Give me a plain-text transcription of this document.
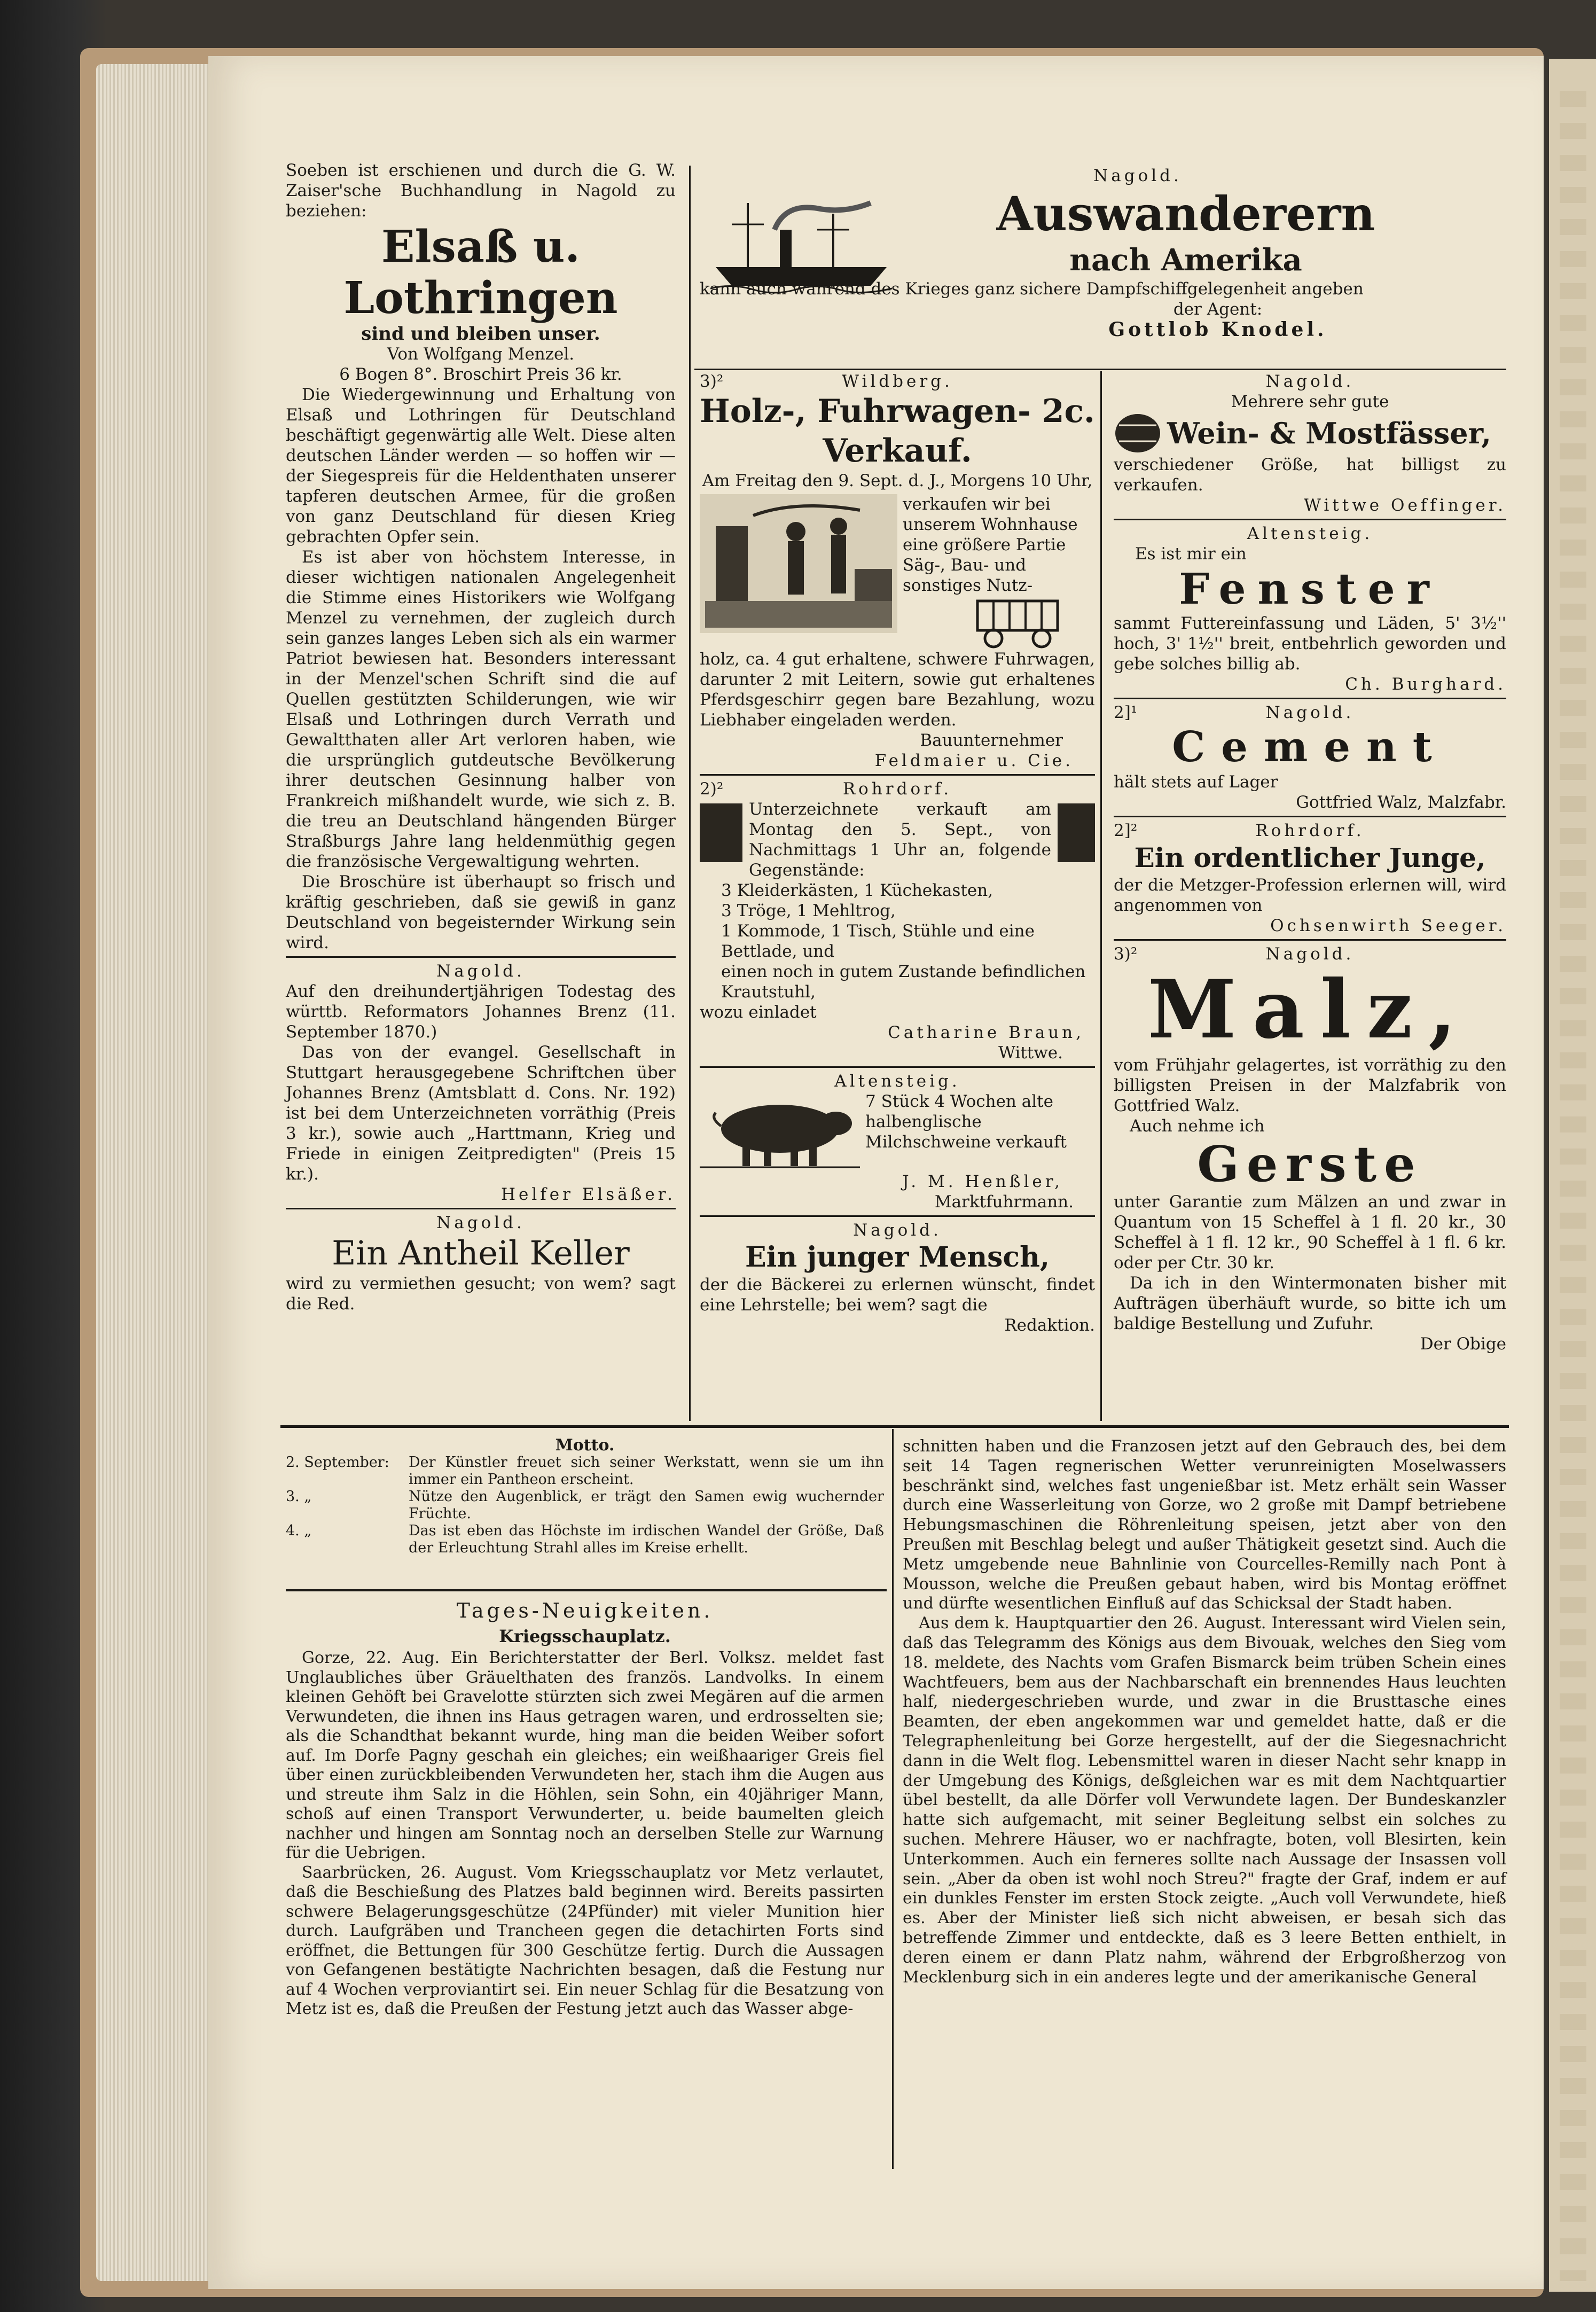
Soeben ist erschienen und durch die G. W. Zaiser'sche Buchhandlung in Nagold zu beziehen:

Elsaß u. Lothringen
sind und bleiben unser.
Von Wolfgang Menzel.
6 Bogen 8°. Broschirt Preis 36 kr.

Die Wiedergewinnung und Erhaltung von Elsaß und Lothringen für Deutschland beschäftigt gegenwärtig alle Welt. Diese alten deutschen Länder werden — so hoffen wir — der Siegespreis für die Heldenthaten unserer tapferen deutschen Armee, für die großen von ganz Deutschland für diesen Krieg gebrachten Opfer sein.

Es ist aber von höchstem Interesse, in dieser wichtigen nationalen Angelegenheit die Stimme eines Historikers wie Wolfgang Menzel zu vernehmen, der zugleich durch sein ganzes langes Leben sich als ein warmer Patriot bewiesen hat. Besonders interessant in der Menzel'schen Schrift sind die auf Quellen gestützten Schilderungen, wie wir Elsaß und Lothringen durch Verrath und Gewaltthaten aller Art verloren haben, wie die ursprünglich gutdeutsche Bevölkerung ihrer deutschen Gesinnung halber von Frankreich mißhandelt wurde, wie sich z. B. die treu an Deutschland hängenden Bürger Straßburgs Jahre lang heldenmüthig gegen die französische Vergewaltigung wehrten.

Die Broschüre ist überhaupt so frisch und kräftig geschrieben, daß sie gewiß in ganz Deutschland von begeisternder Wirkung sein wird.

Nagold.

Auf den dreihundertjährigen Todestag des württb. Reformators Johannes Brenz (11. September 1870.)

Das von der evangel. Gesellschaft in Stuttgart herausgegebene Schriftchen über Johannes Brenz (Amtsblatt d. Cons. Nr. 192) ist bei dem Unterzeichneten vorräthig (Preis 3 kr.), sowie auch „Harttmann, Krieg und Friede in einigen Zeitpredigten" (Preis 15 kr.).

Helfer Elsäßer.
Nagold.
Ein Antheil Keller

wird zu vermiethen gesucht; von wem? sagt die Red.

Nagold.
Auswanderern
nach Amerika
kann auch während des Krieges ganz sichere Dampfschiffgelegenheit angeben
der Agent:
Gottlob Knodel.
3)²	Wildberg.
Holz-, Fuhrwagen- 2c.
Verkauf.
Am Freitag den 9. Sept. d. J., Morgens 10 Uhr,

verkaufen wir bei unserem Wohnhause eine größere Partie Säg-, Bau- und sonstiges Nutz-

holz, ca. 4 gut erhaltene, schwere Fuhrwagen, darunter 2 mit Leitern, sowie gut erhaltenes Pferdsgeschirr gegen bare Bezahlung, wozu Liebhaber eingeladen werden.

Bauunternehmer
Feldmaier u. Cie.
2)²	Rohrdorf.

Unterzeichnete verkauft am Montag den 5. Sept., von Nachmittags 1 Uhr an, folgende Gegenstände:

3 Kleiderkästen, 1 Küchekasten,
3 Tröge, 1 Mehltrog,
1 Kommode, 1 Tisch, Stühle und eine Bettlade, und
einen noch in gutem Zustande befindlichen Krautstuhl,
wozu einladet
Catharine Braun,
Wittwe.
Altensteig.

7 Stück 4 Wochen alte halbenglische Milchschweine verkauft

J. M. Henßler,
Marktfuhrmann.
Nagold.
Ein junger Mensch,

der die Bäckerei zu erlernen wünscht, findet eine Lehrstelle; bei wem? sagt die

Redaktion.
Nagold.
Mehrere sehr gute
Wein- & Mostfässer,

verschiedener Größe, hat billigst zu verkaufen.

Wittwe Oeffinger.
Altensteig.
Es ist mir ein
Fenster

sammt Futtereinfassung und Läden, 5' 3½'' hoch, 3' 1½'' breit, entbehrlich geworden und gebe solches billig ab.

Ch. Burghard.
2]¹	Nagold.
Cement
hält stets auf Lager
Gottfried Walz, Malzfabr.
2]²	Rohrdorf.
Ein ordentlicher Junge,

der die Metzger-Profession erlernen will, wird angenommen von

Ochsenwirth Seeger.
3)²	Nagold.
Malz,

vom Frühjahr gelagertes, ist vorräthig zu den billigsten Preisen in der Malzfabrik von Gottfried Walz.

Auch nehme ich
Gerste

unter Garantie zum Mälzen an und zwar in Quantum von 15 Scheffel à 1 fl. 20 kr., 30 Scheffel à 1 fl. 12 kr., 90 Scheffel à 1 fl. 6 kr. oder per Ctr. 30 kr.

Da ich in den Wintermonaten bisher mit Aufträgen überhäuft wurde, so bitte ich um baldige Bestellung und Zufuhr.

Der Obige
Motto.
2. September:	Der Künstler freuet sich seiner Werkstatt, wenn sie um ihn immer ein Pantheon erscheint.
3. „	Nütze den Augenblick, er trägt den Samen ewig wuchernder Früchte.
4. „	Das ist eben das Höchste im irdischen Wandel der Größe, Daß der Erleuchtung Strahl alles im Kreise erhellt.
Tages-Neuigkeiten.
Kriegsschauplatz.

Gorze, 22. Aug. Ein Berichterstatter der Berl. Volksz. meldet fast Unglaubliches über Gräuelthaten des französ. Landvolks. In einem kleinen Gehöft bei Gravelotte stürzten sich zwei Megären auf die armen Verwundeten, die ihnen ins Haus getragen waren, und erdrosselten sie; als die Schandthat bekannt wurde, hing man die beiden Weiber sofort auf. Im Dorfe Pagny geschah ein gleiches; ein weißhaariger Greis fiel über einen zurückbleibenden Verwundeten her, stach ihm die Augen aus und streute ihm Salz in die Höhlen, sein Sohn, ein 40jähriger Mann, schoß auf einen Transport Verwunderter, u. beide baumelten gleich nachher und hingen am Sonntag noch an derselben Stelle zur Warnung für die Uebrigen.

Saarbrücken, 26. August. Vom Kriegsschauplatz vor Metz verlautet, daß die Beschießung des Platzes bald beginnen wird. Bereits passirten schwere Belagerungsgeschütze (24Pfünder) mit vieler Munition hier durch. Laufgräben und Trancheen gegen die detachirten Forts sind eröffnet, die Bettungen für 300 Geschütze fertig. Durch die Aussagen von Gefangenen bestätigte Nachrichten besagen, daß die Festung nur auf 4 Wochen verproviantirt sei. Ein neuer Schlag für die Besatzung von Metz ist es, daß die Preußen der Festung jetzt auch das Wasser abge-

schnitten haben und die Franzosen jetzt auf den Gebrauch des, bei dem seit 14 Tagen regnerischen Wetter verunreinigten Moselwassers beschränkt sind, welches fast ungenießbar ist. Metz erhält sein Wasser durch eine Wasserleitung von Gorze, wo 2 große mit Dampf betriebene Hebungsmaschinen die Röhrenleitung speisen, jetzt aber von den Preußen mit Beschlag belegt und außer Thätigkeit gesetzt sind. Auch die Metz umgebende neue Bahnlinie von Courcelles-Remilly nach Pont à Mousson, welche die Preußen gebaut haben, wird bis Montag eröffnet und dürfte wesentlichen Einfluß auf das Schicksal der Stadt haben.

Aus dem k. Hauptquartier den 26. August. Interessant wird Vielen sein, daß das Telegramm des Königs aus dem Bivouak, welches den Sieg vom 18. meldete, des Nachts vom Grafen Bismarck beim trüben Schein eines Wachtfeuers, bem aus der Nachbarschaft ein brennendes Haus leuchten half, niedergeschrieben wurde, und zwar in die Brusttasche eines Beamten, der eben angekommen war und gemeldet hatte, daß er die Telegraphenleitung bei Gorze hergestellt, auf der die Siegesnachricht dann in die Welt flog. Lebensmittel waren in dieser Nacht sehr knapp in der Umgebung des Königs, deßgleichen war es mit dem Nachtquartier übel bestellt, da alle Dörfer voll Verwundete lagen. Der Bundeskanzler hatte sich aufgemacht, mit seiner Begleitung selbst ein solches zu suchen. Mehrere Häuser, wo er nachfragte, boten, voll Blesirten, kein Unterkommen. Auch ein ferneres sollte nach Aussage der Insassen voll sein. „Aber da oben ist wohl noch Streu?" fragte der Graf, indem er auf ein dunkles Fenster im ersten Stock zeigte. „Auch voll Verwundete, hieß es. Aber der Minister ließ sich nicht abweisen, er besah sich das betreffende Zimmer und entdeckte, daß es 3 leere Betten enthielt, in deren einem er dann Platz nahm, während der Erbgroßherzog von Mecklenburg sich in ein anderes legte und der amerikanische General
